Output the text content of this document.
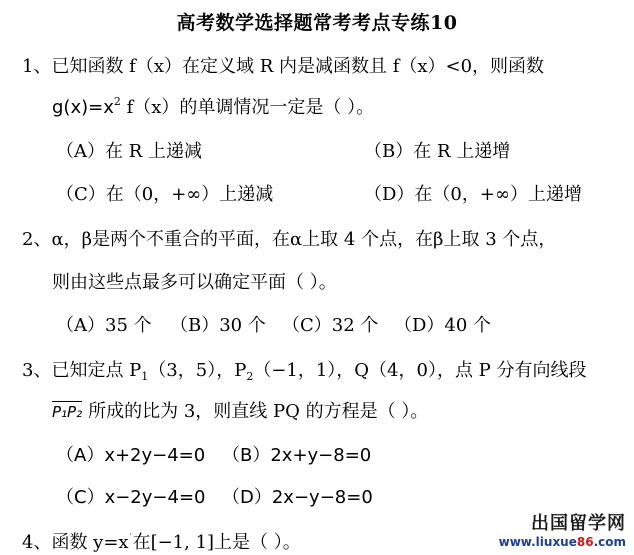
高考数学选择题常考考点专练10
1、已知函数 f（x）在定义域 R 内是减函数且 f（x）<0，则函数
$g(x)=x^2$ f（x）的单调情况一定是（ ）。
（A）在 R 上递减	（B）在 R 上递增
（C）在（0，+∞）上递减	（D）在（0，+∞）上递增
2、α，β是两个不重合的平面，在α上取 4 个点，在β上取 3 个点，
则由这些点最多可以确定平面（ ）。
（A）35 个 （B）30 个 （C）32 个 （D）40 个
3、已知定点 $P_1(3$，5），$P_2(-1$，1），Q（4，0），点 P 分有向线段
P₁P₂ 所成的比为 3，则直线 PQ 的方程是（ ）。
（A）x+2y−4=0 （B）2x+y−8=0
（C）x−2y−4=0 （D）2x−y−8=0
4、函数 y=x˙在[−1, 1]上是（ ）。
出国留学网
www.liuxue86.com
